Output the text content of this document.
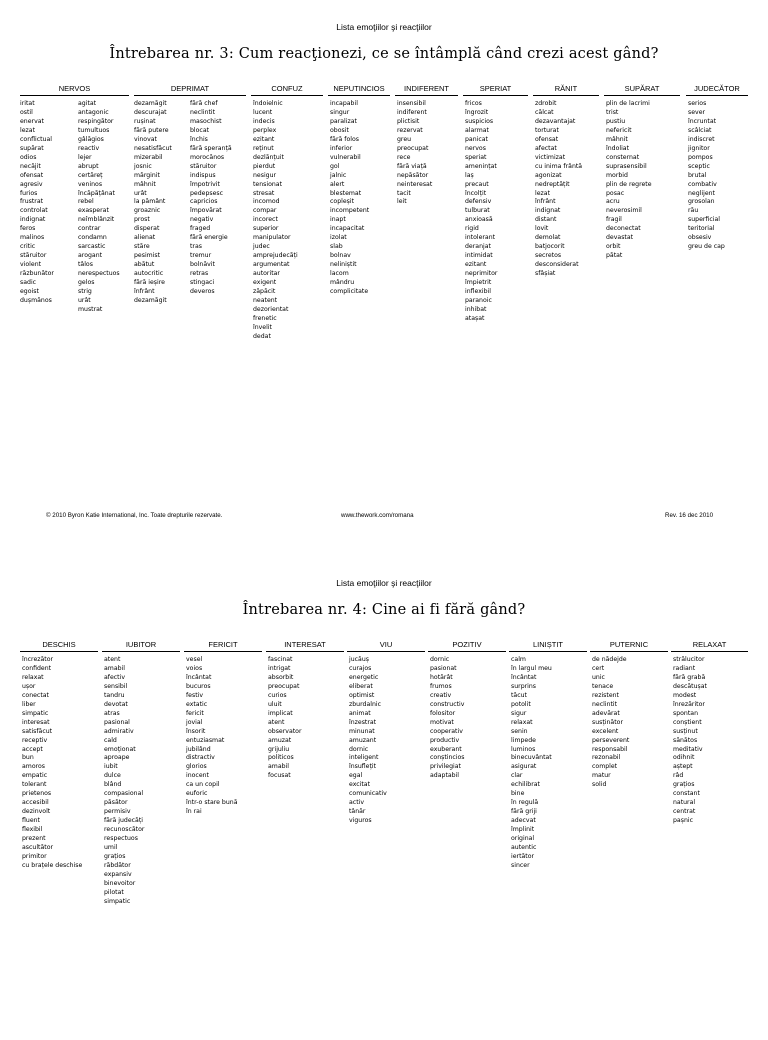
Lista emoţiilor şi reacţiilor
Întrebarea nr. 3: Cum reacţionezi, ce se întâmplă când crezi acest gând?
NERVOS
iritat
ostil
enervat
lezat
conflictual
supărat
odios
necăjit
ofensat
agresiv
furios
frustrat
controlat
indignat
feros
malinos
critic
stăruitor
violent
răzbunător
sadic
egoist
dușmănos
agitat
antagonic
respingător
tumultuos
gâlăgios
reactiv
lejer
abrupt
certăreț
veninos
încăpățânat
rebel
exasperat
neîmblânzit
contrar
condamn
sarcastic
arogant
tâlos
nerespectuos
gelos
strig
urât
mustrat
DEPRIMAT
dezamăgit
descurajat
rușinat
fără putere
vinovat
nesatisfăcut
mizerabil
josnic
mărginit
mâhnit
urât
la pământ
groaznic
prost
disperat
alienat
stăre
pesimist
abătut
autocritic
fără ieșire
înfrânt
dezamăgit
fără chef
neclintit
masochist
blocat
închis
fără speranță
morocănos
stăruitor
indispus
împotrivit
pedepsesc
capricios
împovărat
negativ
fraged
fără energie
tras
tremur
bolnăvit
retras
stingaci
deveros
CONFUZ
îndoielnic
lucent
indecis
perplex
ezitant
reținut
dezlănțuit
pierdut
nesigur
tensionat
stresat
incomod
compar
incorect
superior
manipulator
judec
amprejudecăți
argumentat
autoritar
exigent
zăpăcit
neatent
dezorientat
frenetic
învelit
dedat
NEPUTINCIOS
incapabil
singur
paralizat
obosit
fără folos
inferior
vulnerabil
gol
jalnic
alert
blestemat
copleșit
incompetent
inapt
incapacitat
izolat
slab
bolnav
neliniștit
lacom
mândru
complicitate
INDIFERENT
insensibil
indiferent
plictisit
rezervat
greu
preocupat
rece
fără viață
nepăsător
neinteresat
tacit
leit
SPERIAT
fricos
îngrozit
suspicios
alarmat
panicat
nervos
speriat
amenințat
laș
precaut
încolțit
defensiv
tulburat
anxioasă
rigid
intolerant
deranjat
intimidat
ezitant
neprimitor
împietrit
inflexibil
paranoic
inhibat
atașat
RĂNIT
zdrobit
călcat
dezavantajat
torturat
ofensat
afectat
victimizat
cu inima frântă
agonizat
nedreptățit
lezat
înfrânt
indignat
distant
lovit
demolat
batjocorit
secretos
desconsiderat
sfâșiat
SUPĂRAT
plin de lacrimi
trist
pustiu
nefericit
mâhnit
îndoliat
consternat
suprasensibil
morbid
plin de regrete
posac
acru
neverosimil
fragil
deconectat
devastat
orbit
pătat
JUDECĂTOR
serios
sever
încruntat
scâlciat
indiscret
jignitor
pompos
sceptic
brutal
combativ
neglijent
grosolan
rău
superficial
teritorial
obsesiv
greu de cap
© 2010 Byron Katie International, Inc. Toate drepturile rezervate.	www.thework.com/romana	Rev. 16 dec 2010
Lista emoţiilor şi reacţiilor
Întrebarea nr. 4: Cine ai fi fără gând?
DESCHIS
încrezător
confident
relaxat
ușor
conectat
liber
simpatic
interesat
satisfăcut
receptiv
accept
bun
amoros
empatic
tolerant
prietenos
accesibil
dezinvolt
fluent
flexibil
prezent
ascultător
primitor
cu brațele deschise
IUBITOR
atent
amabil
afectiv
sensibil
tandru
devotat
atras
pasional
admirativ
cald
emoționat
aproape
iubit
dulce
blând
compasional
păsător
permisiv
fără judecăți
recunoscător
respectuos
umil
grațios
răbdător
expansiv
binevoitor
pilotat
simpatic
FERICIT
vesel
voios
încântat
bucuros
festiv
extatic
fericit
jovial
însorit
entuziasmat
jubilând
distractiv
glorios
inocent
ca un copil
euforic
într-o stare bună
în rai
INTERESAT
fascinat
intrigat
absorbit
preocupat
curios
uluit
implicat
atent
observator
amuzat
grijuliu
politicos
amabil
focusat
VIU
jucăuș
curajos
energetic
eliberat
optimist
zburdalnic
animat
înzestrat
minunat
amuzant
dornic
inteligent
însuflețit
egal
excitat
comunicativ
activ
tânăr
viguros
POZITIV
dornic
pasionat
hotărât
frumos
creativ
constructiv
folositor
motivat
cooperativ
productiv
exuberant
conștincios
privilegiat
adaptabil
LINIȘTIT
calm
în largul meu
încântat
surprins
tăcut
potolit
sigur
relaxat
senin
limpede
luminos
binecuvântat
asigurat
clar
echilibrat
bine
în regulă
fără griji
adecvat
împlinit
original
autentic
iertător
sincer
PUTERNIC
de nădejde
cert
unic
tenace
rezistent
neclintit
adevărat
susținător
excelent
perseverent
responsabil
rezonabil
complet
matur
solid
RELAXAT
strălucitor
radiant
fără grabă
descătușat
modest
înrezăritor
spontan
conștient
susținut
sănătos
meditativ
odihnit
aștept
râd
grațios
constant
natural
centrat
pașnic
